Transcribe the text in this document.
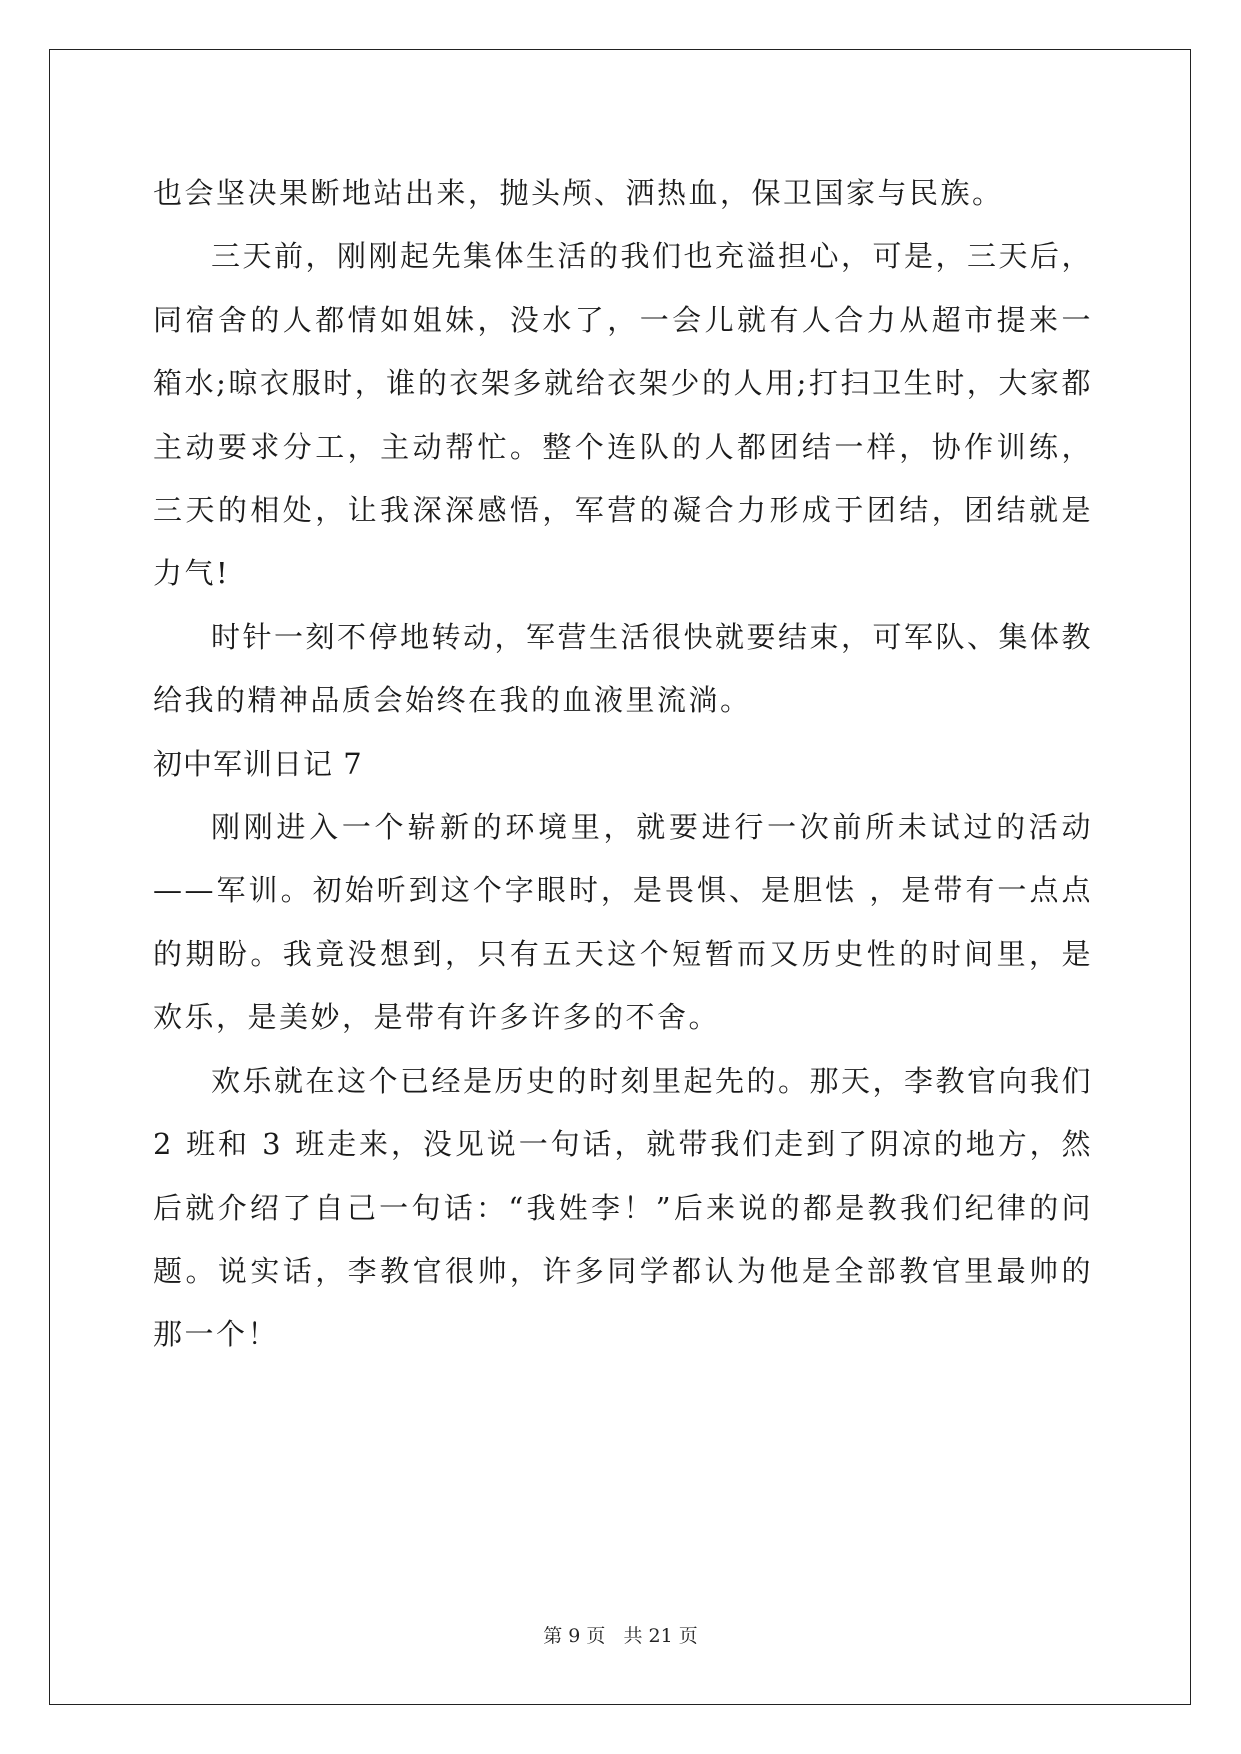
也会坚决果断地站出来，抛头颅、洒热血，保卫国家与民族。

三天前，刚刚起先集体生活的我们也充溢担心，可是，三天后，同宿舍的人都情如姐妹，没水了，一会儿就有人合力从超市提来一箱水;晾衣服时，谁的衣架多就给衣架少的人用;打扫卫生时，大家都主动要求分工，主动帮忙。整个连队的人都团结一样，协作训练，三天的相处，让我深深感悟，军营的凝合力形成于团结，团结就是力气!

时针一刻不停地转动，军营生活很快就要结束，可军队、集体教给我的精神品质会始终在我的血液里流淌。

初中军训日记 7

刚刚进入一个崭新的环境里，就要进行一次前所未试过的活动——军训。初始听到这个字眼时，是畏惧、是胆怯 ，是带有一点点的期盼。我竟没想到，只有五天这个短暂而又历史性的时间里，是欢乐，是美妙，是带有许多许多的不舍。

欢乐就在这个已经是历史的时刻里起先的。那天，李教官向我们 2 班和 3 班走来，没见说一句话，就带我们走到了阴凉的地方，然后就介绍了自己一句话：“我姓李！”后来说的都是教我们纪律的问题。说实话，李教官很帅，许多同学都认为他是全部教官里最帅的那一个！

第 9 页 共 21 页
